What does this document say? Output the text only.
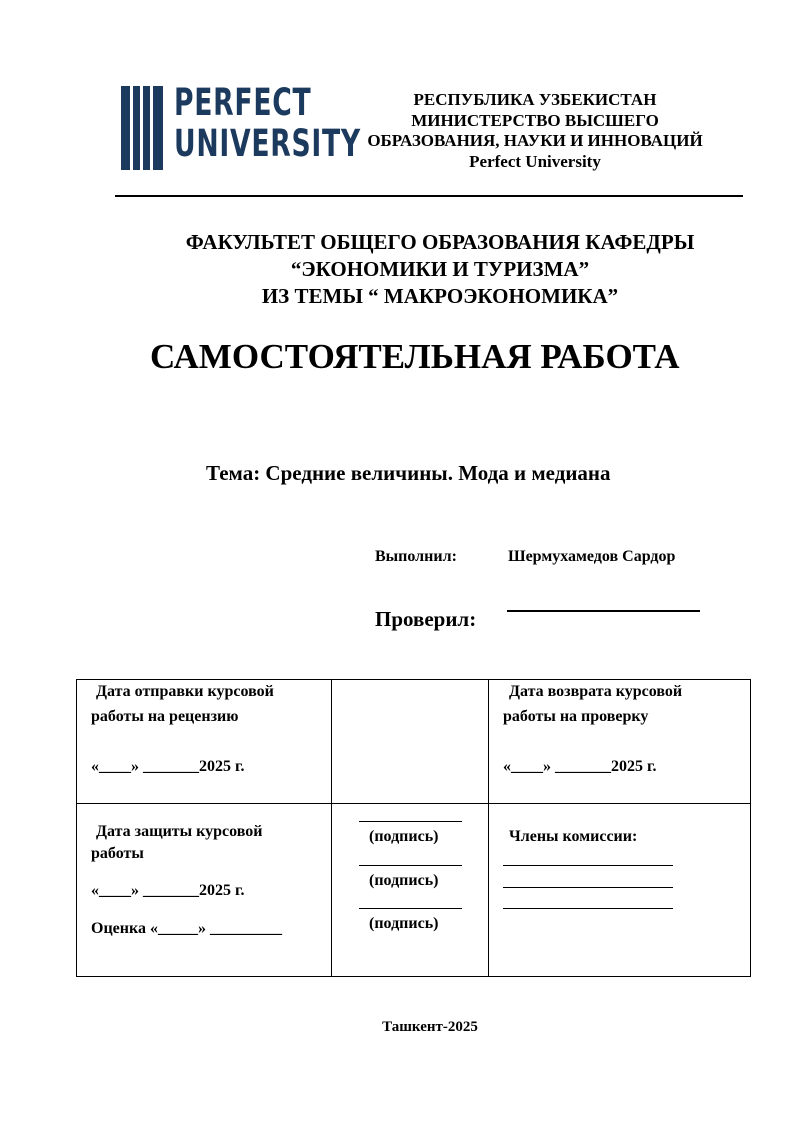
PERFECT
UNIVERSITY
РЕСПУБЛИКА УЗБЕКИСТАН
МИНИСТЕРСТВО ВЫСШЕГО
ОБРАЗОВАНИЯ, НАУКИ И ИННОВАЦИЙ
Perfect University
ФАКУЛЬТЕТ ОБЩЕГО ОБРАЗОВАНИЯ КАФЕДРЫ
“ЭКОНОМИКИ И ТУРИЗМА”
ИЗ ТЕМЫ “ МАКРОЭКОНОМИКА”
САМОСТОЯТЕЛЬНАЯ РАБОТА
Тема: Средние величины. Мода и медиана
Выполнил:	Шермухамедов Сардор
Проверил:
Дата отправки курсовой
работы на рецензию
«____» _______2025 г.
Дата возврата курсовой
работы на проверку
«____» _______2025 г.
Дата защиты курсовой
работы
«____» _______2025 г.
Оценка «_____» _________
(подпись)
(подпись)
(подпись)
Члены комиссии:
Ташкент-2025
